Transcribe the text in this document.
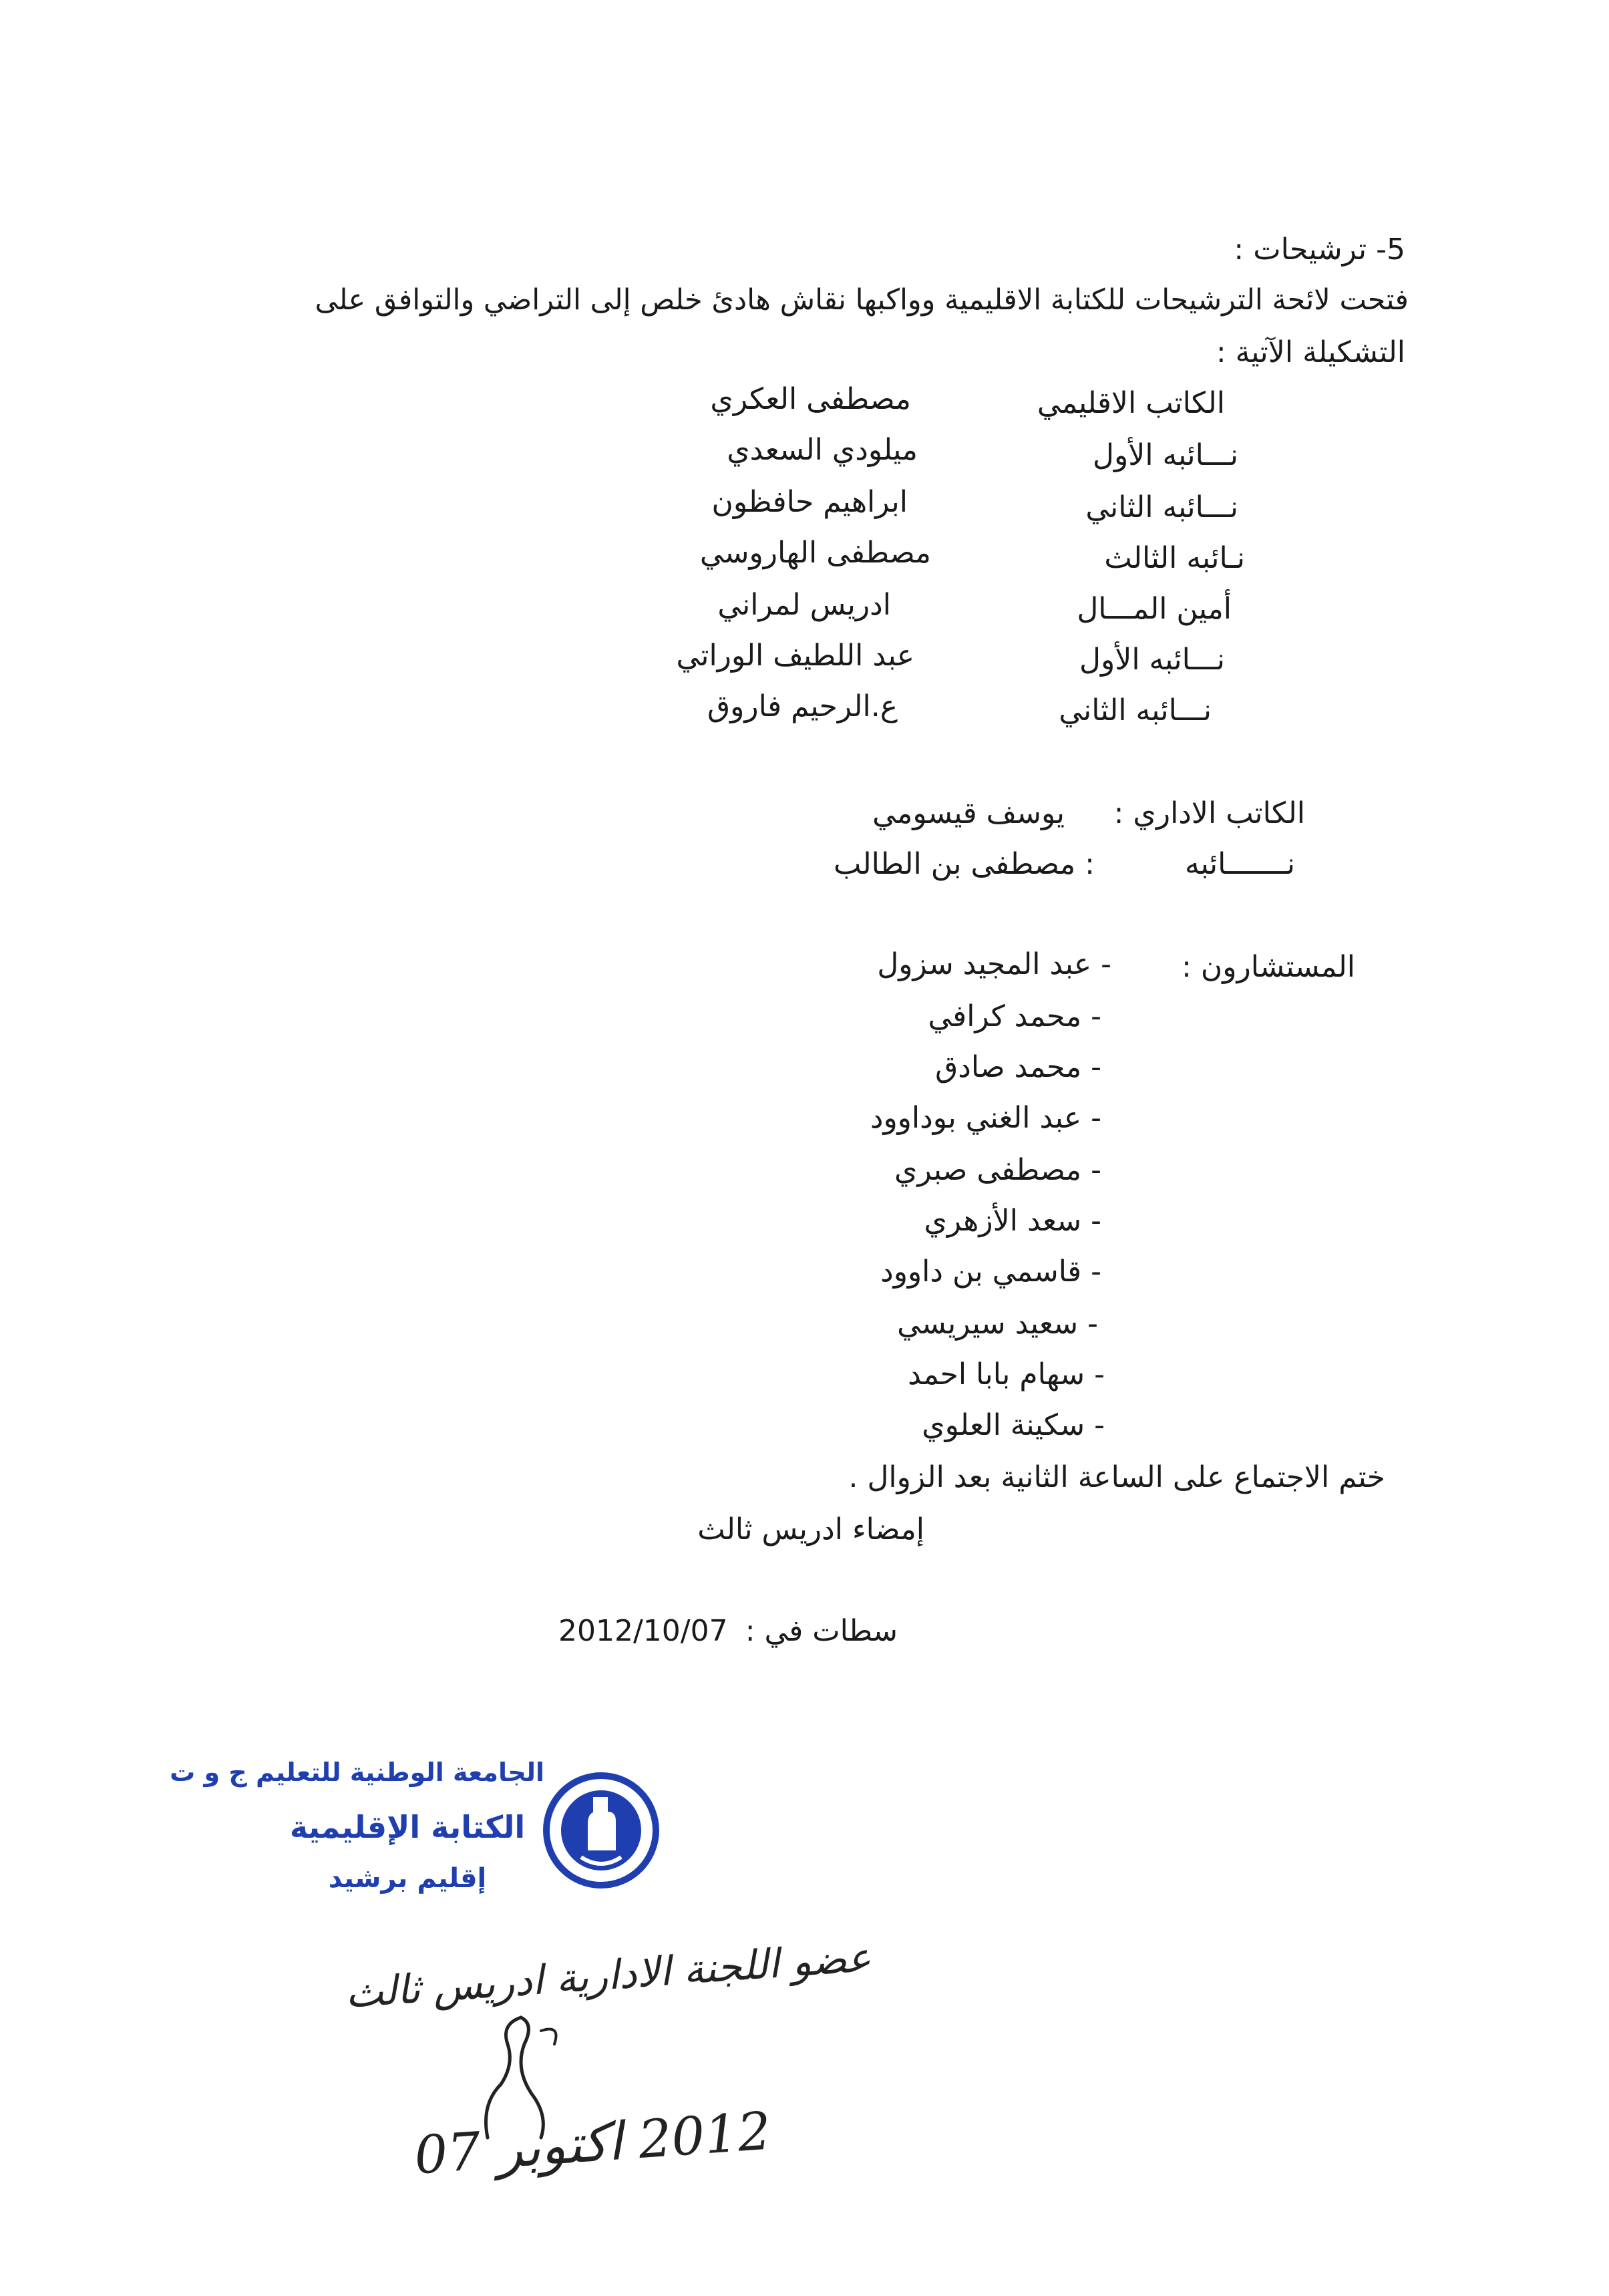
5- ترشيحات :
فتحت لائحة الترشيحات للكتابة الاقليمية وواكبها نقاش هادئ خلص إلى التراضي والتوافق على
التشكيلة الآتية :
الكاتب الاقليمي
مصطفى العكري
نـــائبه الأول
ميلودي السعدي
نـــائبه الثاني
ابراهيم حافظون
نـائبه الثالث
مصطفى الهاروسي
أمين المـــال
ادريس لمراني
نـــائبه الأول
عبد اللطيف الوراتي
نـــائبه الثاني
ع.الرحيم فاروق
الكاتب الاداري :
يوسف قيسومي
نـــــــائبه
: مصطفى بن الطالب
المستشارون :
- عبد المجيد سزول
- محمد كرافي
- محمد صادق
- عبد الغني بوداوود
- مصطفى صبري
- سعد الأزهري
- قاسمي بن داوود
- سعيد سيريسي
- سهام بابا احمد
- سكينة العلوي
ختم الاجتماع على الساعة الثانية بعد الزوال .
إمضاء ادريس ثالث
سطات في :
2012/10/07
الجامعة الوطنية للتعليم ج و ت
الكتابة الإقليمية
إقليم برشيد
عضو اللجنة الادارية ادريس ثالث
2012 اكتوبر 07
